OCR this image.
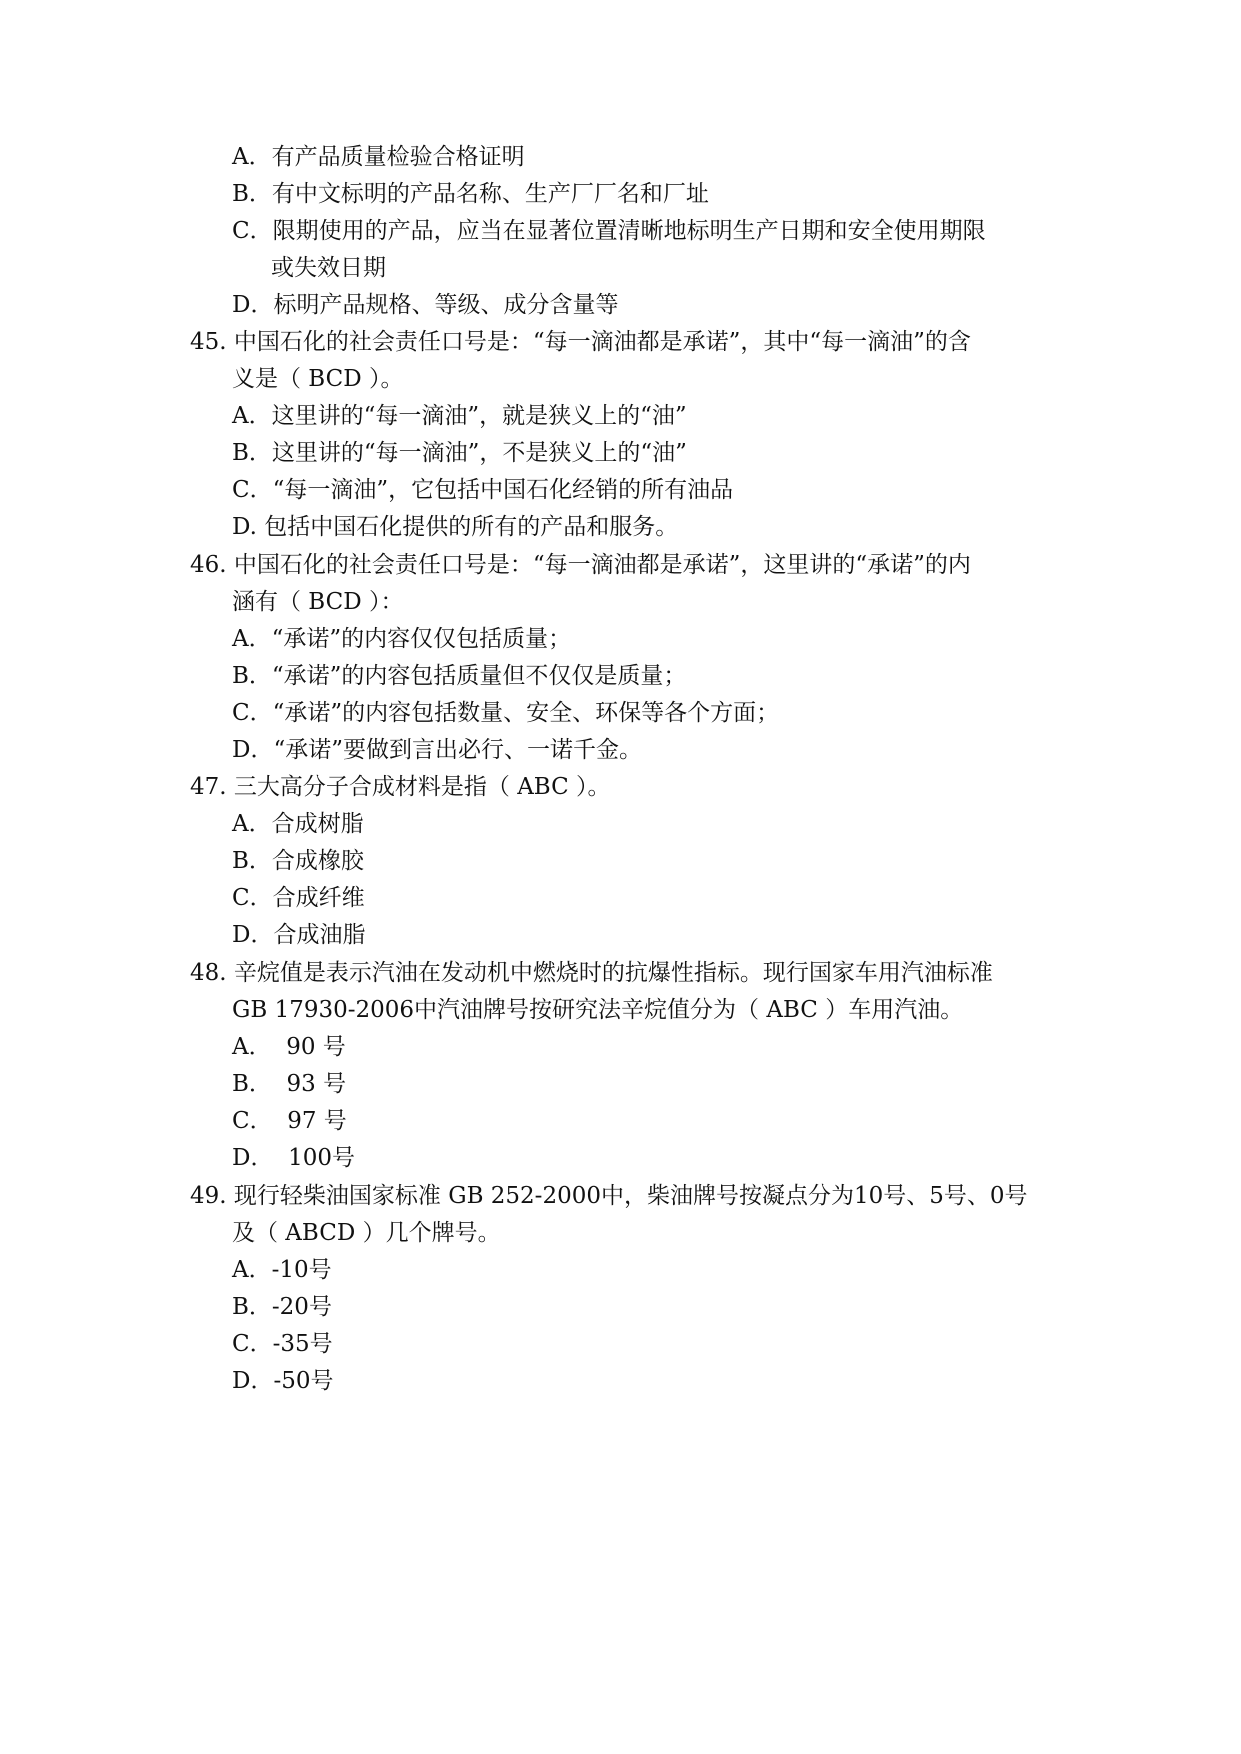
A．有产品质量检验合格证明
B．有中文标明的产品名称、生产厂厂名和厂址
C．限期使用的产品，应当在显著位置清晰地标明生产日期和安全使用期限
或失效日期
D．标明产品规格、等级、成分含量等
45. 中国石化的社会责任口号是：“每一滴油都是承诺”，其中“每一滴油”的含
义是（ BCD ）。
A．这里讲的“每一滴油”，就是狭义上的“油”
B．这里讲的“每一滴油”，不是狭义上的“油”
C．“每一滴油”，它包括中国石化经销的所有油品
D. 包括中国石化提供的所有的产品和服务。
46. 中国石化的社会责任口号是：“每一滴油都是承诺”，这里讲的“承诺”的内
涵有（ BCD ）：
A．“承诺”的内容仅仅包括质量；
B．“承诺”的内容包括质量但不仅仅是质量；
C．“承诺”的内容包括数量、安全、环保等各个方面；
D．“承诺”要做到言出必行、一诺千金。
47. 三大高分子合成材料是指（ ABC ）。
A．合成树脂
B．合成橡胶
C．合成纤维
D．合成油脂
48. 辛烷值是表示汽油在发动机中燃烧时的抗爆性指标。现行国家车用汽油标准
GB 17930-2006中汽油牌号按研究法辛烷值分为（ ABC ）车用汽油。
A．  90 号
B．  93 号
C．  97 号
D．  100号
49. 现行轻柴油国家标准 GB 252-2000中，柴油牌号按凝点分为10号、5号、0号
及（ ABCD ）几个牌号。
A．-10号
B．-20号
C．-35号
D．-50号
